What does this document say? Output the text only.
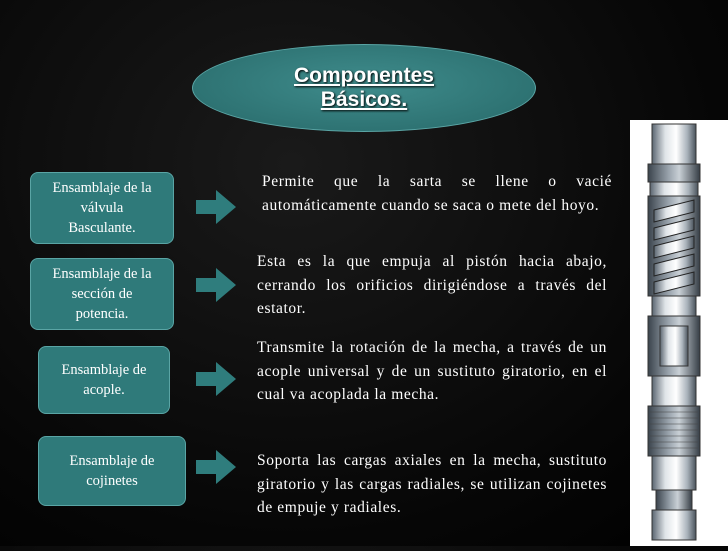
Componentes
Básicos.
Ensamblaje de la
válvula
Basculante.
Permite que la sarta se llene o vacié automáticamente cuando se saca o mete del hoyo.
Ensamblaje de la
sección de
potencia.
Esta es la que empuja al pistón hacia abajo, cerrando los orificios dirigiéndose a través del estator.
Ensamblaje de
acople.
Transmite la rotación de la mecha, a través de un acople universal y de un sustituto giratorio, en el cual va acoplada la mecha.
Ensamblaje de
cojinetes
Soporta las cargas axiales en la mecha, sustituto giratorio y las cargas radiales, se utilizan cojinetes de empuje y radiales.
